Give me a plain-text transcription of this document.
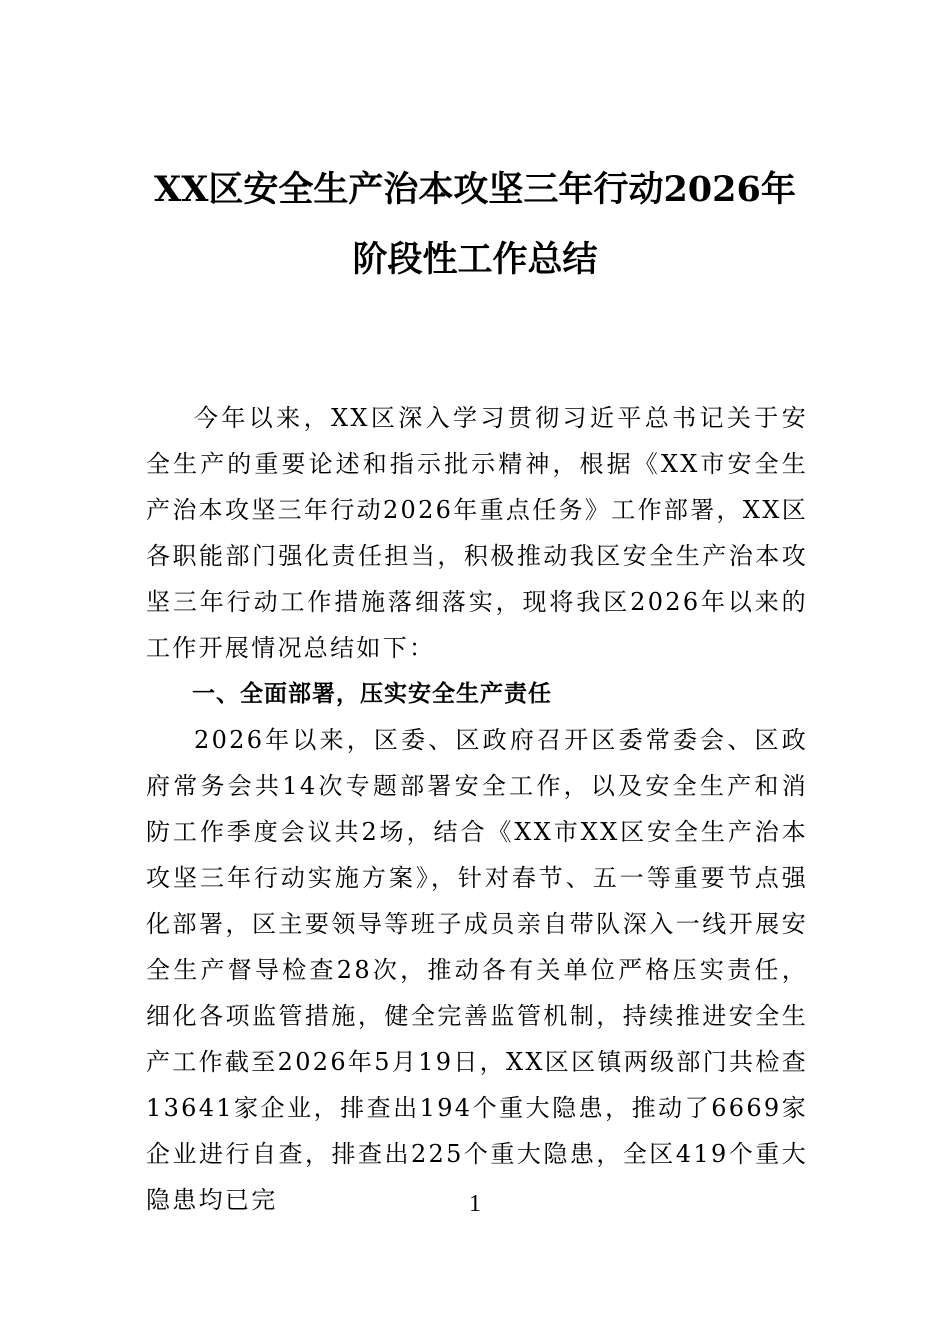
XX区安全生产治本攻坚三年行动2026年
阶段性工作总结

今年以来，XX区深入学习贯彻习近平总书记关于安全生产的重要论述和指示批示精神，根据《XX市安全生产治本攻坚三年行动2026年重点任务》工作部署，XX区各职能部门强化责任担当，积极推动我区安全生产治本攻坚三年行动工作措施落细落实，现将我区2026年以来的工作开展情况总结如下：

一、全面部署，压实安全生产责任

2026年以来，区委、区政府召开区委常委会、区政府常务会共14次专题部署安全工作，以及安全生产和消防工作季度会议共2场，结合《XX市XX区安全生产治本攻坚三年行动实施方案》，针对春节、五一等重要节点强化部署，区主要领导等班子成员亲自带队深入一线开展安全生产督导检查28次，推动各有关单位严格压实责任，细化各项监管措施，健全完善监管机制，持续推进安全生产工作截至2026年5月19日，XX区区镇两级部门共检查13641家企业，排查出194个重大隐患，推动了6669家企业进行自查，排查出225个重大隐患，全区419个重大隐患均已完	1
